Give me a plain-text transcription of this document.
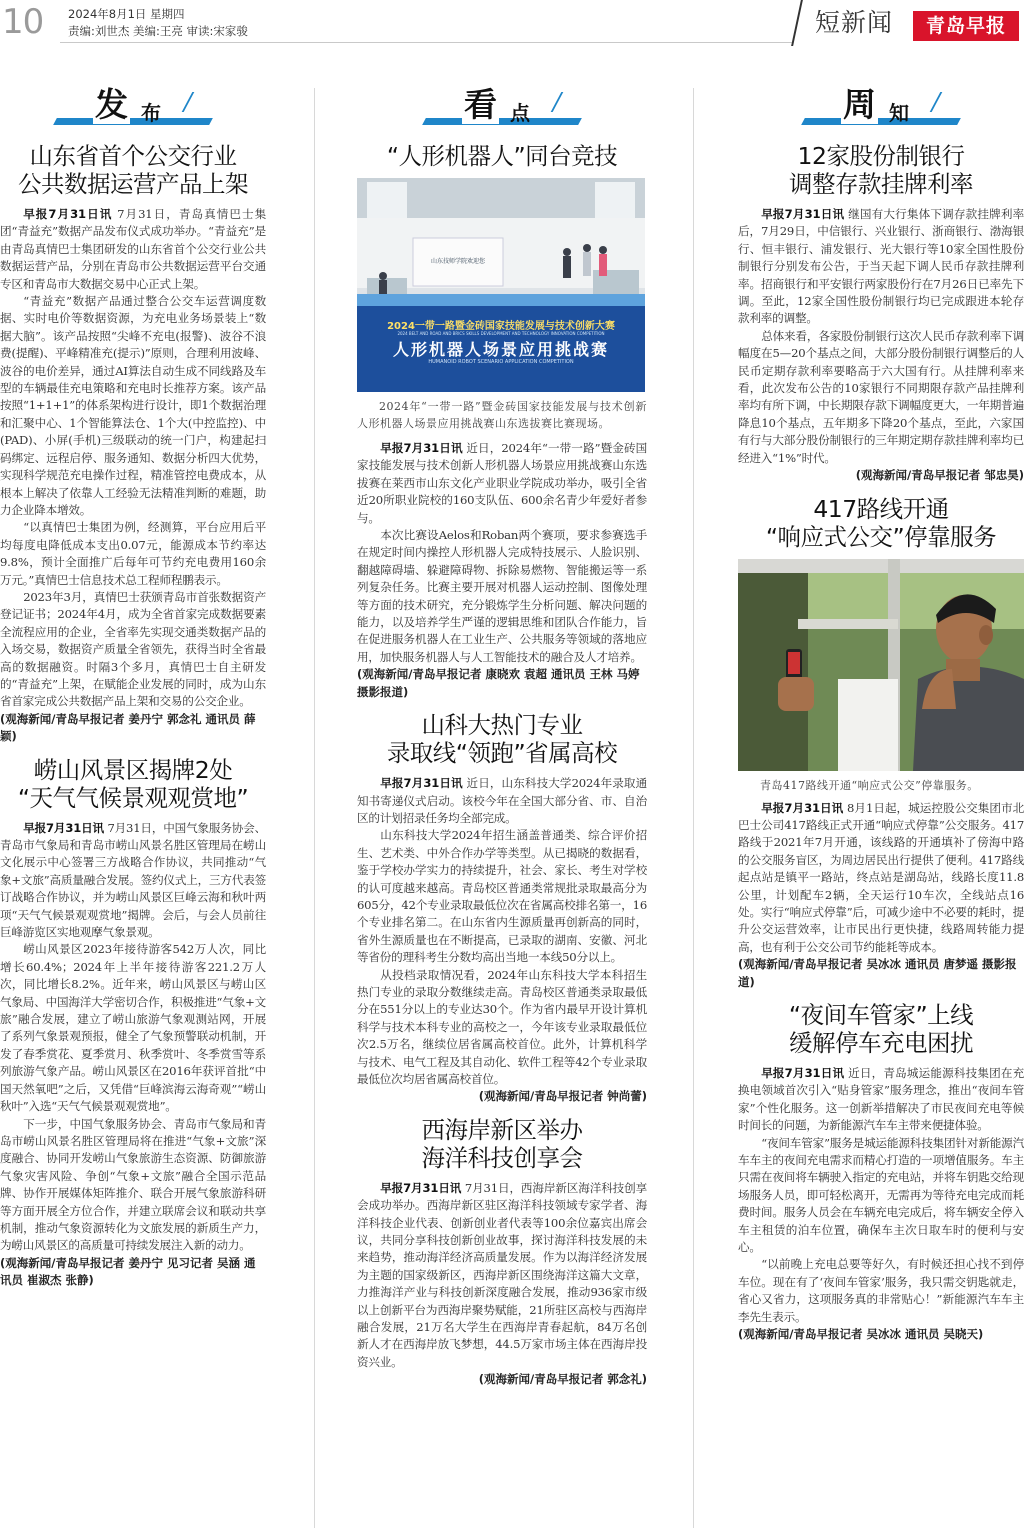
10 2024年8月1日 星期四
责编:刘世杰 美编:王亮 审读:宋家骏	短新闻	青岛早报
发 布
山东省首个公交行业
公共数据运营产品上架

早报7月31日讯 7月31日，青岛真情巴士集团“青益充”数据产品发布仪式成功举办。“青益充”是由青岛真情巴士集团研发的山东省首个公交行业公共数据运营产品，分别在青岛市公共数据运营平台交通专区和青岛市大数据交易中心正式上架。

“青益充”数据产品通过整合公交车运营调度数据、实时电价等数据资源，为充电业务场景装上“数据大脑”。该产品按照“尖峰不充电(报警)、波谷不浪费(提醒)、平峰精准充(提示)”原则，合理利用波峰、波谷的电价差异，通过AI算法自动生成不同线路及车型的车辆最佳充电策略和充电时长推荐方案。该产品按照“1+1+1”的体系架构进行设计，即1个数据治理和汇聚中心、1个智能算法仓、1个大(中控监控)、中(PAD)、小屏(手机)三级联动的统一门户，构建起扫码绑定、远程启停、服务通知、数据分析四大优势，实现科学规范充电操作过程，精准管控电费成本，从根本上解决了依靠人工经验无法精准判断的难题，助力企业降本增效。

“以真情巴士集团为例，经测算，平台应用后平均每度电降低成本支出0.07元，能源成本节约率达9.8%，预计全面推广后每年可节约充电费用160余万元。”真情巴士信息技术总工程师程鹏表示。

2023年3月，真情巴士获颁青岛市首张数据资产登记证书；2024年4月，成为全省首家完成数据要素全流程应用的企业，全省率先实现交通类数据产品的入场交易，数据资产质量全省领先，获得当时全省最高的数据融资。时隔3个多月，真情巴士自主研发的“青益充”上架，在赋能企业发展的同时，成为山东省首家完成公共数据产品上架和交易的公交企业。

(观海新闻/青岛早报记者 姜丹宁 郭念礼 通讯员 薛颖)

崂山风景区揭牌2处
“天气气候景观观赏地”

早报7月31日讯 7月31日，中国气象服务协会、青岛市气象局和青岛市崂山风景名胜区管理局在崂山文化展示中心签署三方战略合作协议，共同推动“气象+文旅”高质量融合发展。签约仪式上，三方代表签订战略合作协议，并为崂山风景区巨峰云海和秋叶两项“天气气候景观观赏地”揭牌。会后，与会人员前往巨峰游览区实地观摩气象景观。

崂山风景区2023年接待游客542万人次，同比增长60.4%；2024年上半年接待游客221.2万人次，同比增长8.2%。近年来，崂山风景区与崂山区气象局、中国海洋大学密切合作，积极推进“气象+文旅”融合发展，建立了崂山旅游气象观测站网，开展了系列气象景观预报，健全了气象预警联动机制，开发了春季赏花、夏季赏月、秋季赏叶、冬季赏雪等系列旅游气象产品。崂山风景区在2016年获评首批“中国天然氧吧”之后，又凭借“巨峰滨海云海奇观”“崂山秋叶”入选“天气气候景观观赏地”。

下一步，中国气象服务协会、青岛市气象局和青岛市崂山风景名胜区管理局将在推进“气象+文旅”深度融合、协同开发崂山气象旅游生态资源、防御旅游气象灾害风险、争创“气象+文旅”融合全国示范品牌、协作开展媒体矩阵推介、联合开展气象旅游科研等方面开展全方位合作，并建立联席会议和联动共享机制，推动气象资源转化为文旅发展的新质生产力，为崂山风景区的高质量可持续发展注入新的动力。

(观海新闻/青岛早报记者 姜丹宁 见习记者 吴涵 通讯员 崔淑杰 张静)

看 点
“人形机器人”同台竞技
山东技师学院欢迎您
2024一带一路暨金砖国家技能发展与技术创新大赛
2024 BELT AND ROAD AND BRICS SKILLS DEVELOPMENT AND TECHNOLOGY INNOVATION COMPETITION
人形机器人场景应用挑战赛
HUMANOID ROBOT SCENARIO APPLICATION COMPETITION

2024年“一带一路”暨金砖国家技能发展与技术创新人形机器人场景应用挑战赛山东选拔赛比赛现场。

早报7月31日讯 近日，2024年“一带一路”暨金砖国家技能发展与技术创新人形机器人场景应用挑战赛山东选拔赛在莱西市山东文化产业职业学院成功举办，吸引全省近20所职业院校的160支队伍、600余名青少年爱好者参与。

本次比赛设Aelos和Roban两个赛项，要求参赛选手在规定时间内操控人形机器人完成特技展示、人脸识别、翻越障碍墙、躲避障碍物、拆除易燃物、智能搬运等一系列复杂任务。比赛主要开展对机器人运动控制、图像处理等方面的技术研究，充分锻炼学生分析问题、解决问题的能力，以及培养学生严谨的逻辑思维和团队合作能力，旨在促进服务机器人在工业生产、公共服务等领域的落地应用，加快服务机器人与人工智能技术的融合及人才培养。

(观海新闻/青岛早报记者 康晓欢 袁超 通讯员 王林 马婷 摄影报道)

山科大热门专业
录取线“领跑”省属高校

早报7月31日讯 近日，山东科技大学2024年录取通知书寄递仪式启动。该校今年在全国大部分省、市、自治区的计划招录任务均全部完成。

山东科技大学2024年招生涵盖普通类、综合评价招生、艺术类、中外合作办学等类型。从已揭晓的数据看，鉴于学校办学实力的持续提升，社会、家长、考生对学校的认可度越来越高。青岛校区普通类常规批录取最高分为605分，42个专业录取最低位次在省属高校排名第一，16个专业排名第二。在山东省内生源质量再创新高的同时，省外生源质量也在不断提高，已录取的湖南、安徽、河北等省份的理科考生分数均高出当地一本线50分以上。

从投档录取情况看，2024年山东科技大学本科招生热门专业的录取分数继续走高。青岛校区普通类录取最低分在551分以上的专业达30个。作为省内最早开设计算机科学与技术本科专业的高校之一，今年该专业录取最低位次2.5万名，继续位居省属高校首位。此外，计算机科学与技术、电气工程及其自动化、软件工程等42个专业录取最低位次均居省属高校首位。

(观海新闻/青岛早报记者 钟尚蕾)

西海岸新区举办
海洋科技创享会

早报7月31日讯 7月31日，西海岸新区海洋科技创享会成功举办。西海岸新区驻区海洋科技领域专家学者、海洋科技企业代表、创新创业者代表等100余位嘉宾出席会议，共同分享科技创新创业故事，探讨海洋科技发展的未来趋势，推动海洋经济高质量发展。作为以海洋经济发展为主题的国家级新区，西海岸新区围绕海洋这篇大文章，力推海洋产业与科技创新深度融合发展，推动936家市级以上创新平台为西海岸聚势赋能，21所驻区高校与西海岸融合发展，21万名大学生在西海岸青春起航，84万名创新人才在西海岸放飞梦想，44.5万家市场主体在西海岸投资兴业。

(观海新闻/青岛早报记者 郭念礼)

周 知
12家股份制银行
调整存款挂牌利率

早报7月31日讯 继国有大行集体下调存款挂牌利率后，7月29日，中信银行、兴业银行、浙商银行、渤海银行、恒丰银行、浦发银行、光大银行等10家全国性股份制银行分别发布公告，于当天起下调人民币存款挂牌利率。招商银行和平安银行两家股份行在7月26日已率先下调。至此，12家全国性股份制银行均已完成跟进本轮存款利率的调整。

总体来看，各家股份制银行这次人民币存款利率下调幅度在5—20个基点之间，大部分股份制银行调整后的人民币定期存款利率要略高于六大国有行。从挂牌利率来看，此次发布公告的10家银行不同期限存款产品挂牌利率均有所下调，中长期限存款下调幅度更大，一年期普遍降息10个基点，五年期多下降20个基点，至此，六家国有行与大部分股份制银行的三年期定期存款挂牌利率均已经进入“1%”时代。

(观海新闻/青岛早报记者 邹忠昊)

417路线开通
“响应式公交”停靠服务

青岛417路线开通“响应式公交”停靠服务。

早报7月31日讯 8月1日起，城运控股公交集团市北巴士公司417路线正式开通“响应式停靠”公交服务。417路线于2021年7月开通，该线路的开通填补了傍海中路的公交服务盲区，为周边居民出行提供了便利。417路线起点站是镇平一路站，终点站是湖岛站，线路长度11.8公里，计划配车2辆，全天运行10车次，全线站点16处。实行“响应式停靠”后，可减少途中不必要的耗时，提升公交运营效率，让市民出行更快捷，线路周转能力提高，也有利于公交公司节约能耗等成本。

(观海新闻/青岛早报记者 吴冰冰 通讯员 唐梦遥 摄影报道)

“夜间车管家”上线
缓解停车充电困扰

早报7月31日讯 近日，青岛城运能源科技集团在充换电领域首次引入“贴身管家”服务理念，推出“夜间车管家”个性化服务。这一创新举措解决了市民夜间充电等候时间长的问题，为新能源汽车车主带来便捷体验。

“夜间车管家”服务是城运能源科技集团针对新能源汽车车主的夜间充电需求而精心打造的一项增值服务。车主只需在夜间将车辆驶入指定的充电站，并将车钥匙交给现场服务人员，即可轻松离开，无需再为等待充电完成而耗费时间。服务人员会在车辆充电完成后，将车辆安全停入车主租赁的泊车位置，确保车主次日取车时的便利与安心。

“以前晚上充电总要等好久，有时候还担心找不到停车位。现在有了‘夜间车管家’服务，我只需交钥匙就走，省心又省力，这项服务真的非常贴心！”新能源汽车车主李先生表示。

(观海新闻/青岛早报记者 吴冰冰 通讯员 吴晓天)
